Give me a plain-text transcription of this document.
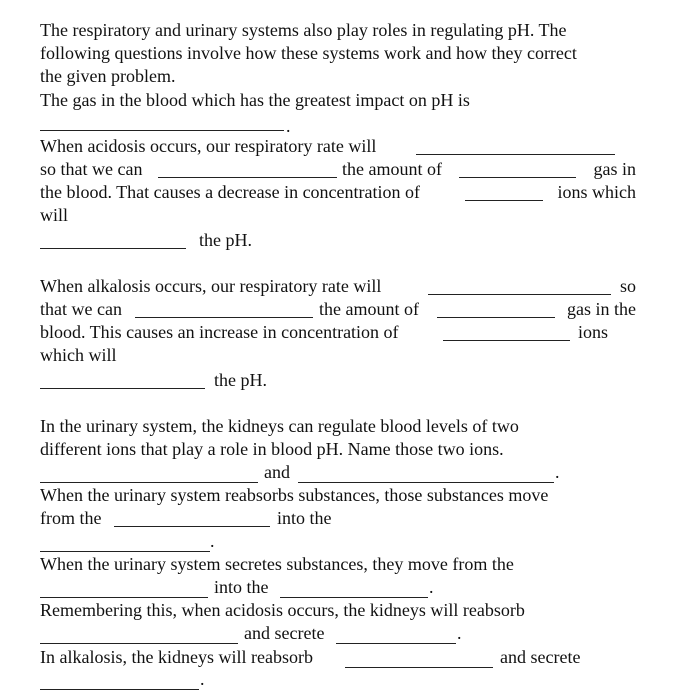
The respiratory and urinary systems also play roles in regulating pH. The
following questions involve how these systems work and how they correct
the given problem.
The gas in the blood which has the greatest impact on pH is
.
When acidosis occurs, our respiratory rate will
so that we can	the amount of	gas in
the blood. That causes a decrease in concentration of	ions which
will
the pH.
When alkalosis occurs, our respiratory rate will	so
that we can	the amount of	gas in the
blood. This causes an increase in concentration of	ions
which will
the pH.
In the urinary system, the kidneys can regulate blood levels of two
different ions that play a role in blood pH. Name those two ions.
and	.
When the urinary system reabsorbs substances, those substances move
from the	into the
.
When the urinary system secretes substances, they move from the
into the	.
Remembering this, when acidosis occurs, the kidneys will reabsorb
and secrete	.
In alkalosis, the kidneys will reabsorb	and secrete
.
